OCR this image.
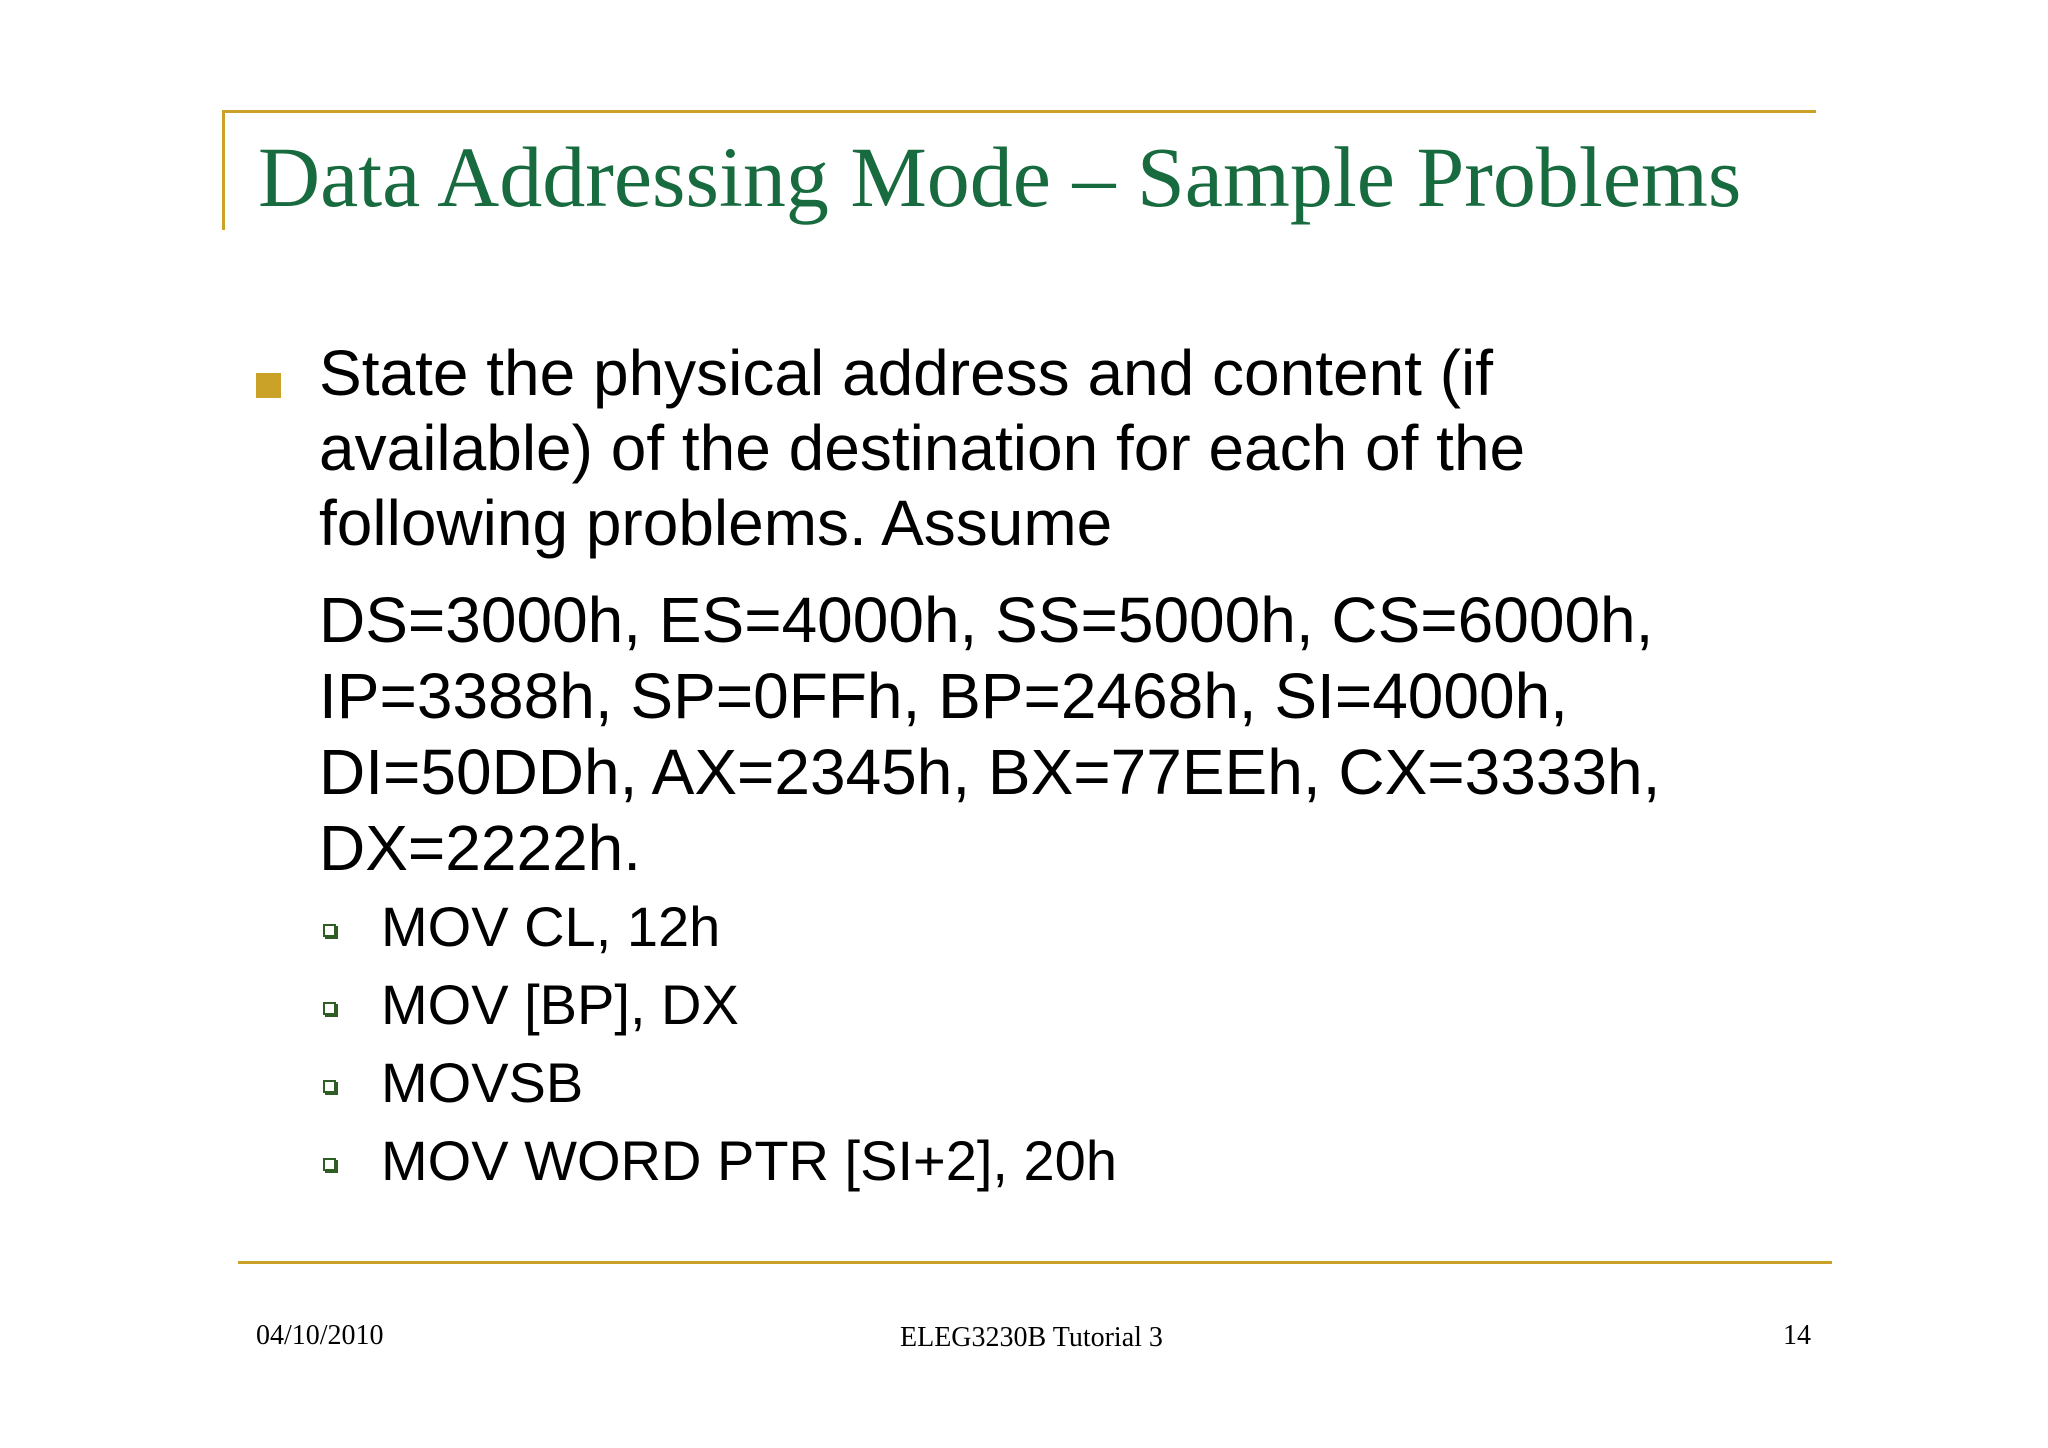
Data Addressing Mode – Sample Problems

State the physical address and content (if

available) of the destination for each of the

following problems. Assume

DS=3000h, ES=4000h, SS=5000h, CS=6000h,

IP=3388h, SP=0FFh, BP=2468h, SI=4000h,

DI=50DDh, AX=2345h, BX=77EEh, CX=3333h,

DX=2222h.

MOV CL, 12h
MOV [BP], DX
MOVSB
MOV WORD PTR [SI+2], 20h
04/10/2010	ELEG3230B Tutorial 3	14
